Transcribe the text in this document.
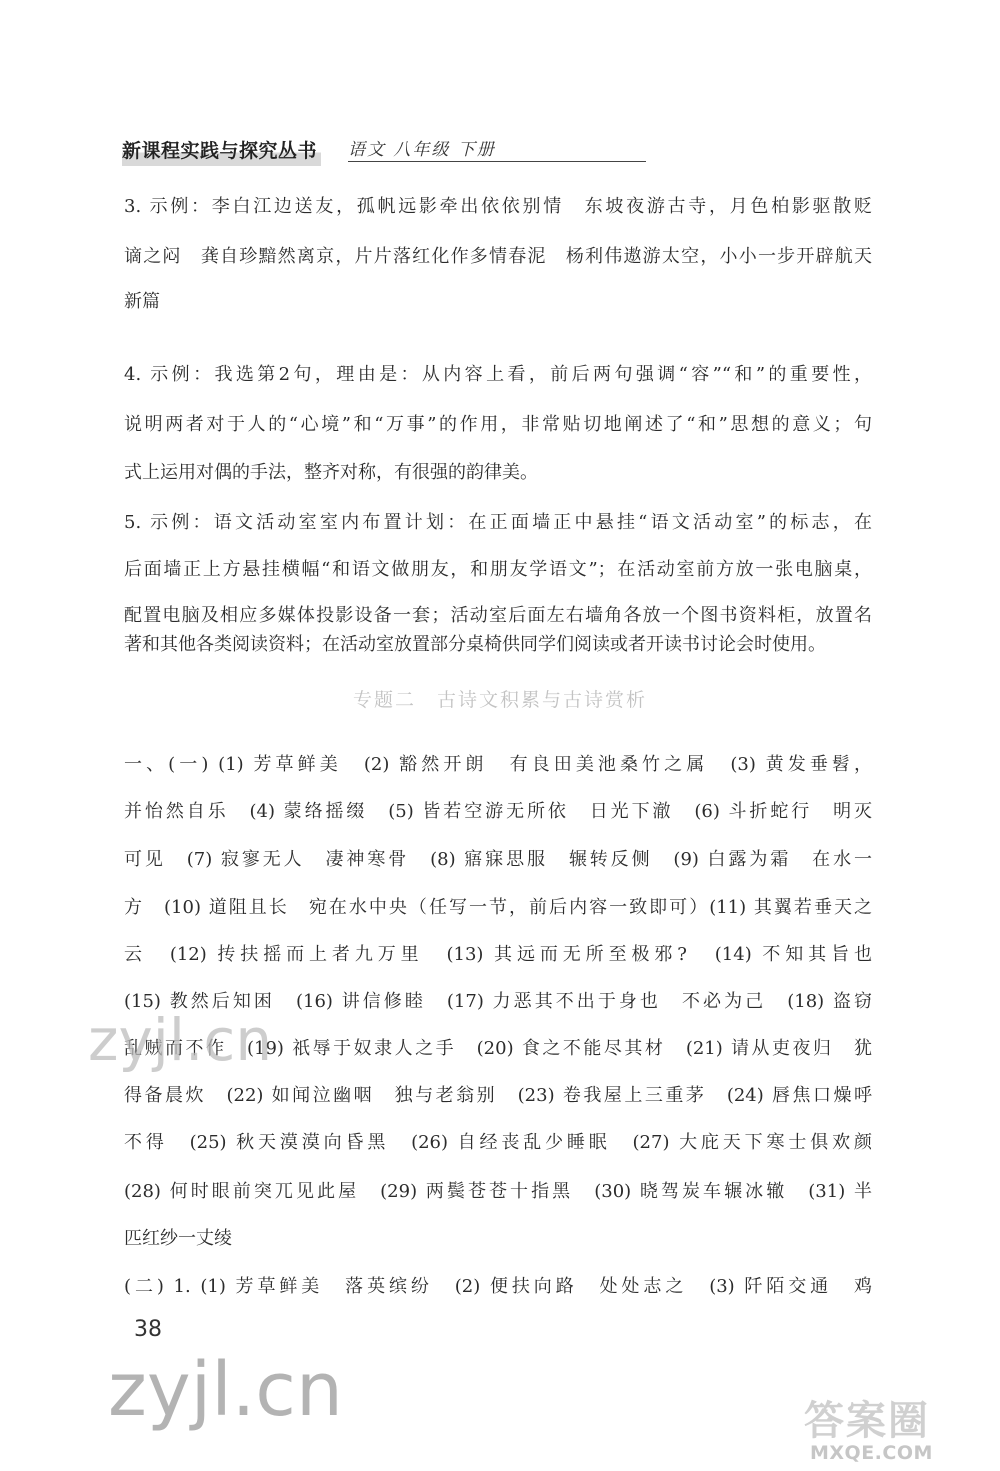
新课程实践与探究丛书 语文 八年级 下册
3. 示例：李白江边送友，孤帆远影牵出依依别情　东坡夜游古寺，月色柏影驱散贬
谪之闷　龚自珍黯然离京，片片落红化作多情春泥　杨利伟遨游太空，小小一步开辟航天
新篇
4. 示例：我选第2句，理由是：从内容上看，前后两句强调“容”“和”的重要性，
说明两者对于人的“心境”和“万事”的作用，非常贴切地阐述了“和”思想的意义；句
式上运用对偶的手法，整齐对称，有很强的韵律美。
5. 示例：语文活动室室内布置计划：在正面墙正中悬挂“语文活动室”的标志，在
后面墙正上方悬挂横幅“和语文做朋友，和朋友学语文”；在活动室前方放一张电脑桌，
配置电脑及相应多媒体投影设备一套；活动室后面左右墙角各放一个图书资料柜，放置名
著和其他各类阅读资料；在活动室放置部分桌椅供同学们阅读或者开读书讨论会时使用。
专题二　古诗文积累与古诗赏析
一、(一) (1) 芳草鲜美　(2) 豁然开朗　有良田美池桑竹之属　(3) 黄发垂髫，
并怡然自乐　(4) 蒙络摇缀　(5) 皆若空游无所依　日光下澈　(6) 斗折蛇行　明灭
可见　(7) 寂寥无人　凄神寒骨　(8) 寤寐思服　辗转反侧　(9) 白露为霜　在水一
方　(10) 道阻且长　宛在水中央（任写一节，前后内容一致即可）(11) 其翼若垂天之
云　(12) 抟扶摇而上者九万里　(13) 其远而无所至极邪?　(14) 不知其旨也
(15) 教然后知困　(16) 讲信修睦　(17) 力恶其不出于身也　不必为己　(18) 盗窃
乱贼而不作　(19) 祇辱于奴隶人之手　(20) 食之不能尽其材　(21) 请从吏夜归　犹
得备晨炊　(22) 如闻泣幽咽　独与老翁别　(23) 卷我屋上三重茅　(24) 唇焦口燥呼
不得　(25) 秋天漠漠向昏黑　(26) 自经丧乱少睡眠　(27) 大庇天下寒士俱欢颜
(28) 何时眼前突兀见此屋　(29) 两鬓苍苍十指黑　(30) 晓驾炭车辗冰辙　(31) 半
匹红纱一丈绫
(二) 1. (1) 芳草鲜美　落英缤纷　(2) 便扶向路　处处志之　(3) 阡陌交通　鸡
38
zyjl.cn
zyjl.cn	答案圈
MXQE.COM
